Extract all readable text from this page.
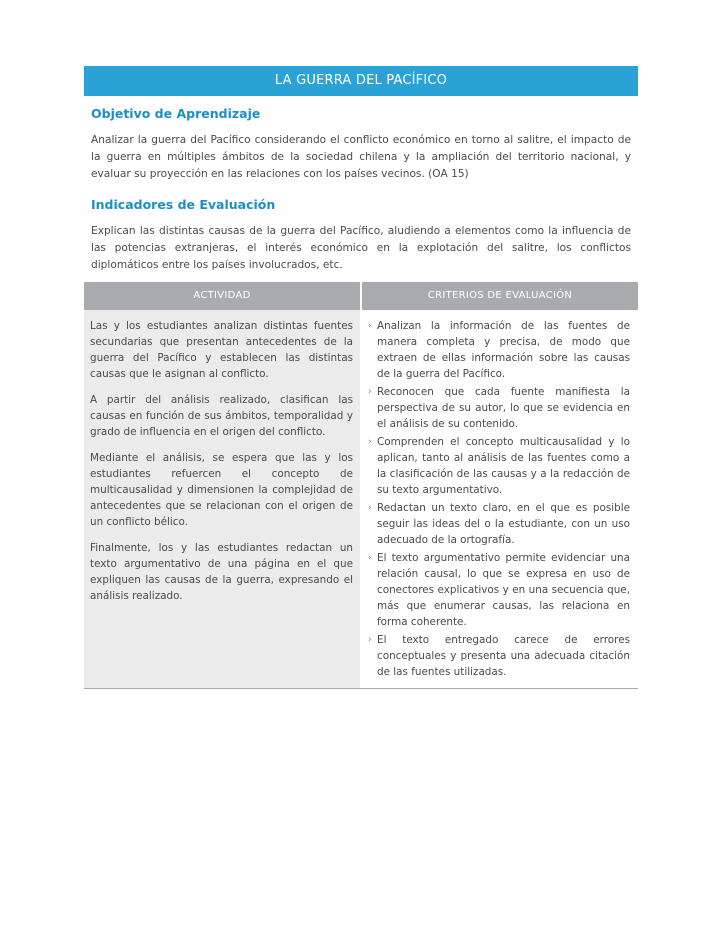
LA GUERRA DEL PACÍFICO
Objetivo de Aprendizaje

Analizar la guerra del Pacífico considerando el conflicto económico en torno al salitre, el impacto de la guerra en múltiples ámbitos de la sociedad chilena y la ampliación del territorio nacional, y evaluar su proyección en las relaciones con los países vecinos. (OA 15)

Indicadores de Evaluación

Explican las distintas causas de la guerra del Pacífico, aludiendo a elementos como la influencia de las potencias extranjeras, el interés económico en la explotación del salitre, los conflictos diplomáticos entre los países involucrados, etc.

ACTIVIDAD	CRITERIOS DE EVALUACIÓN

Las y los estudiantes analizan distintas fuentes secundarias que presentan antecedentes de la guerra del Pacífico y establecen las distintas causas que le asignan al conflicto.

A partir del análisis realizado, clasifican las causas en función de sus ámbitos, temporalidad y grado de influencia en el origen del conflicto.

Mediante el análisis, se espera que las y los estudiantes refuercen el concepto de multicausalidad y dimensionen la complejidad de antecedentes que se relacionan con el origen de un conflicto bélico.

Finalmente, los y las estudiantes redactan un texto argumentativo de una página en el que expliquen las causas de la guerra, expresando el análisis realizado.

› Analizan la información de las fuentes de manera completa y precisa, de modo que extraen de ellas información sobre las causas de la guerra del Pacífico.
› Reconocen que cada fuente manifiesta la perspectiva de su autor, lo que se evidencia en el análisis de su contenido.
› Comprenden el concepto multicausalidad y lo aplican, tanto al análisis de las fuentes como a la clasificación de las causas y a la redacción de su texto argumentativo.
› Redactan un texto claro, en el que es posible seguir las ideas del o la estudiante, con un uso adecuado de la ortografía.
› El texto argumentativo permite evidenciar una relación causal, lo que se expresa en uso de conectores explicativos y en una secuencia que, más que enumerar causas, las relaciona en forma coherente.
› El texto entregado carece de errores conceptuales y presenta una adecuada citación de las fuentes utilizadas.
